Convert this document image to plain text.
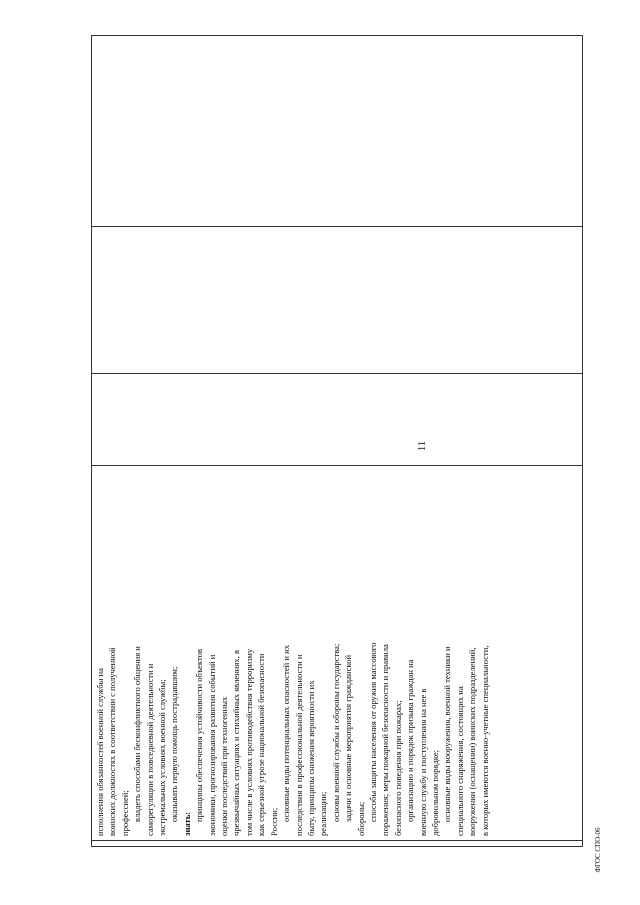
11
ФГОС СПО-06

исполнения обязанностей военной службы на воинских должностях в соответствии с полученной профессией; владеть способами бесконфликтного общения и саморегуляции в повседневной деятельности и экстремальных условиях военной службы; оказывать первую помощь пострадавшим;

знать:

принципы обеспечения устойчивости объектов экономики, прогнозирования развития событий и оценки последствий при техногенных чрезвычайных ситуациях и стихийных явлениях, в том числе в условиях противодействия терроризму как серьезной угрозе национальной безопасности России; основные виды потенциальных опасностей и их последствия в профессиональной деятельности и быту, принципы снижения вероятности их реализации; основы военной службы и обороны государства; задачи и основные мероприятия гражданской обороны; способы защиты населения от оружия массового поражения; меры пожарной безопасности и правила безопасного поведения при пожарах; организацию и порядок призыва граждан на военную службу и поступления на нее в добровольном порядке; основные виды вооружения, военной техники и специального снаряжения, состоящих на вооружении (оснащении) воинских подразделений, в которых имеются военно-учетные специальности,
